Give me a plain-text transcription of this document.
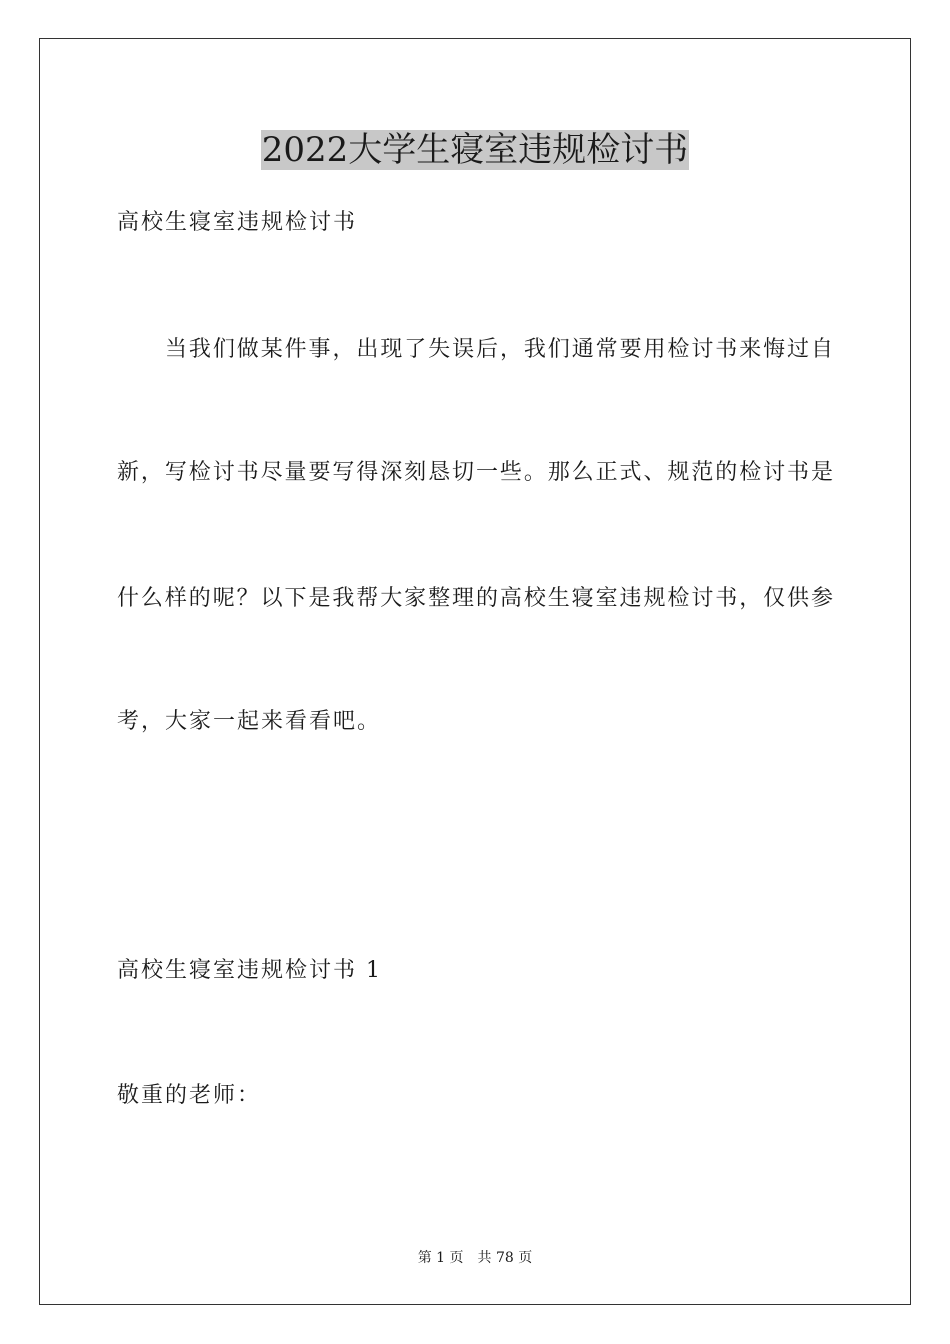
2022大学生寝室违规检讨书
高校生寝室违规检讨书
当我们做某件事，出现了失误后，我们通常要用检讨书来悔过自
新，写检讨书尽量要写得深刻恳切一些。那么正式、规范的检讨书是
什么样的呢？以下是我帮大家整理的高校生寝室违规检讨书，仅供参
考，大家一起来看看吧。
高校生寝室违规检讨书 1
敬重的老师：
第 1 页 共 78 页
